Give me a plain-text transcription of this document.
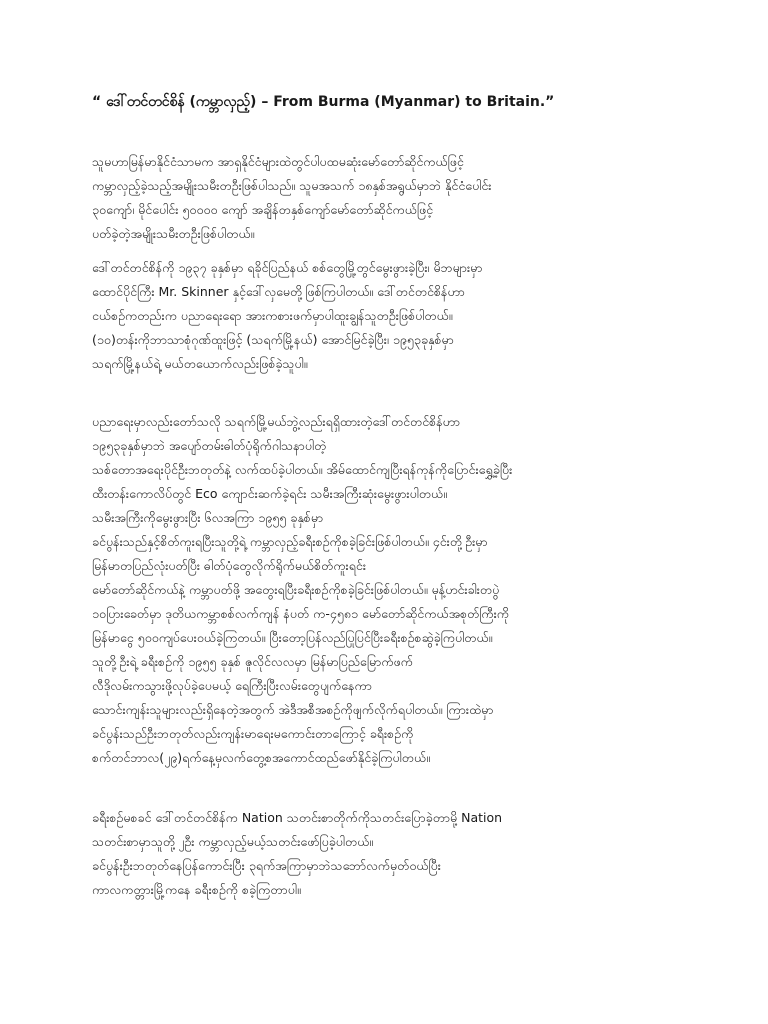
“ ဒေါ်တင်တင်စိန် (ကမ္ဘာလှည့်) – From Burma (Myanmar) to Britain.”
သူမဟာမြန်မာနိုင်ငံသာမက အာရှနိုင်ငံများထဲတွင်ပါပထမဆုံးမော်တော်ဆိုင်ကယ်ဖြင့်
ကမ္ဘာလှည့်ခဲ့သည့်အမျိုးသမီးတဦးဖြစ်ပါသည်။ သူမအသက် ၁၈နှစ်အရွယ်မှာဘဲ နိုင်ငံပေါင်း
၃၀ကျော်၊ မိုင်ပေါင်း ၅၀၀၀၀ ကျော် အချိန်တနှစ်ကျော်မော်တော်ဆိုင်ကယ်ဖြင့်
ပတ်ခဲ့တဲ့အမျိုးသမီးတဦးဖြစ်ပါတယ်။
ဒေါ်တင်တင်စိန်ကို ၁၉၃၇ ခုနှစ်မှာ ရခိုင်ပြည်နယ် စစ်တွေမြို့တွင်မွေးဖွားခဲ့ပြီး၊ မိဘများမှာ
ထောင်ပိုင်ကြီး Mr. Skinner နှင့်ဒေါ်လှမေတို့ဖြစ်ကြပါတယ်။ ဒေါ်တင်တင်စိန်ဟာ
ငယ်စဉ်ကတည်းက ပညာရေးရော အားကစားဖက်မှာပါထူးချွန်သူတဦးဖြစ်ပါတယ်။
(၁၀)တန်းကိုဘာသာစုံဂုဏ်ထူးဖြင့် (သရက်မြို့နယ်) အောင်မြင်ခဲ့ပြီး၊ ၁၉၅၃ခုနှစ်မှာ
သရက်မြို့နယ်ရဲ့ မယ်တယောက်လည်းဖြစ်ခဲ့သူပါ။
ပညာရေးမှာလည်းတော်သလို သရက်မြို့မယ်ဘွဲ့လည်းရရှိထားတဲ့ဒေါ်တင်တင်စိန်ဟာ
၁၉၅၃ခုနှစ်မှာဘဲ အပျော်တမ်းဓါတ်ပုံရိုက်ဂါသနာပါတဲ့
သစ်တောအရေးပိုင်ဦးဘတုတ်နဲ့ လက်ထပ်ခဲ့ပါတယ်။ အိမ်ထောင်ကျပြီးရန်ကုန်ကိုပြောင်းရွှေ့ခဲ့ပြီး
ထီးတန်းကောလိပ်တွင် Eco ကျောင်းဆက်ခဲ့ရင်း သမီးအကြီးဆုံးမွေးဖွားပါတယ်။
သမီးအကြီးကိုမွေးဖွားပြီး ၆လအကြာ ၁၉၅၅ ခုနှစ်မှာ
ခင်ပွန်းသည်နှင့်စိတ်ကူးရပြီးသူတို့ရဲ့ ကမ္ဘာလှည့်ခရီးစဉ်ကိုစခဲ့ခြင်းဖြစ်ပါတယ်။ ၄င်းတို့ဦးမှာ
မြန်မာတပြည်လုံးပတ်ပြီး ဓါတ်ပုံတွေလိုက်ရိုက်မယ်စိတ်ကူးရင်း
မော်တော်ဆိုင်ကယ်နဲ့ ကမ္ဘာပတ်ဖို့ အတွေးရပြီးခရီးစဉ်ကိုစခဲ့ခြင်းဖြစ်ပါတယ်။ မုန့်ဟင်းခါးတပွဲ
၁၀ပြားခေတ်မှာ ဒုတိယကမ္ဘာစစ်လက်ကျန် နံပတ် က-၄၅၈၁ မော်တော်ဆိုင်ကယ်အစုတ်ကြီးကို
မြန်မာငွေ ၅၀၀ကျပ်ပေးဝယ်ခဲ့ကြတယ်။ ပြီးတော့ပြန်လည်ပြုပြင်ပြီးခရီးစဉ်စဆွဲခဲ့ကြပါတယ်။
သူတို့ဦးရဲ့ ခရီးစဉ်ကို ၁၉၅၅ ခုနှစ် ဇူလိုင်လလမှာ မြန်မာပြည်မြောက်ဖက်
လီဒိုလမ်းကသွားဖို့လုပ်ခဲ့ပေမယ့် ရေကြီးပြီးလမ်းတွေပျက်နေကာ
သောင်းကျန်းသူများလည်းရှိနေတဲ့အတွက် အဲဒီအစီအစဉ်ကိုဖျက်လိုက်ရပါတယ်။ ကြားထဲမှာ
ခင်ပွန်းသည်ဦးဘတုတ်လည်းကျန်းမာရေးမကောင်းတာကြောင့် ခရီးစဉ်ကို
စက်တင်ဘာလ(၂၉)ရက်နေ့မှလက်တွေ့စအကောင်ထည်ဖော်နိုင်ခဲ့ကြပါတယ်။
ခရီးစဉ်မစခင် ဒေါ်တင်တင်စိန်က Nation သတင်းစာတိုက်ကိုသတင်းပြောခဲ့တာမို့ Nation
သတင်းစာမှာသူတို့၂ဦး ကမ္ဘာလှည့်မယ့်သတင်းဖော်ပြခဲ့ပါတယ်။
ခင်ပွန်းဦးဘတုတ်နေပြန်ကောင်းပြီး ၃ရက်အကြာမှာဘဲသဘော်လက်မှတ်ဝယ်ပြီး
ကာလကတ္တားမြို့ကနေ ခရီးစဉ်ကို စခဲ့ကြတာပါ။
